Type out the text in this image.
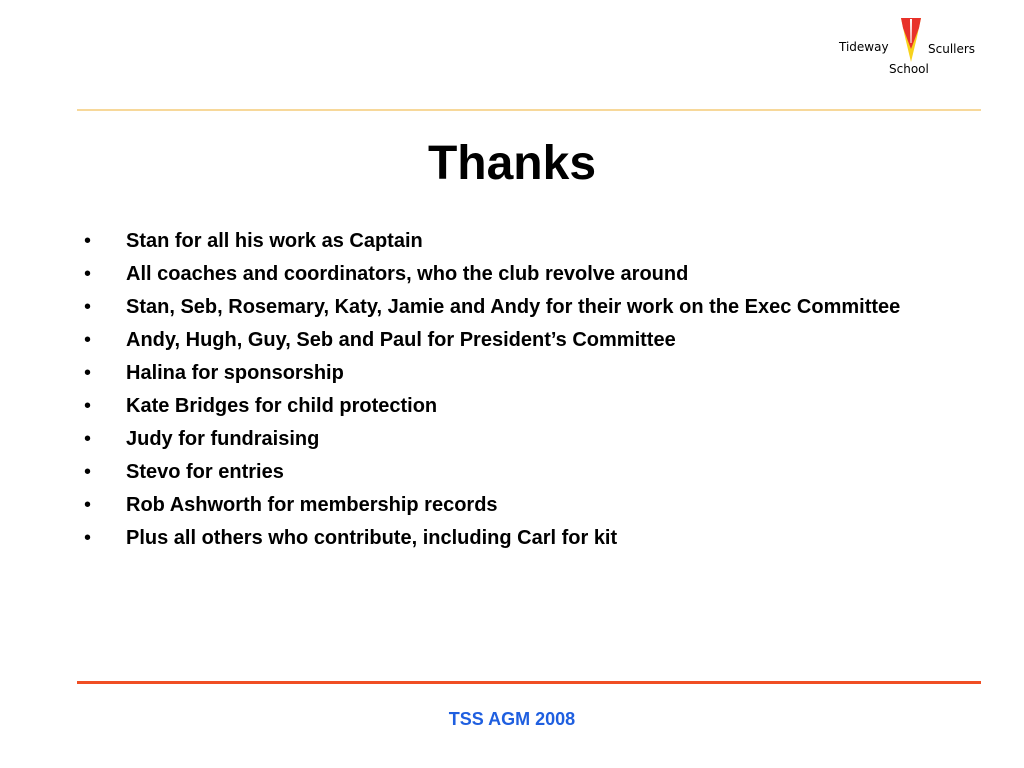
Tideway	Scullers
School
Thanks
•	Stan for all his work as Captain
•	All coaches and coordinators, who the club revolve around
•	Stan, Seb, Rosemary, Katy, Jamie and Andy for their work on the Exec Committee
•	Andy, Hugh, Guy, Seb and Paul for President’s Committee
•	Halina for sponsorship
•	Kate Bridges for child protection
•	Judy for fundraising
•	Stevo for entries
•	Rob Ashworth for membership records
•	Plus all others who contribute, including Carl for kit
TSS AGM 2008
